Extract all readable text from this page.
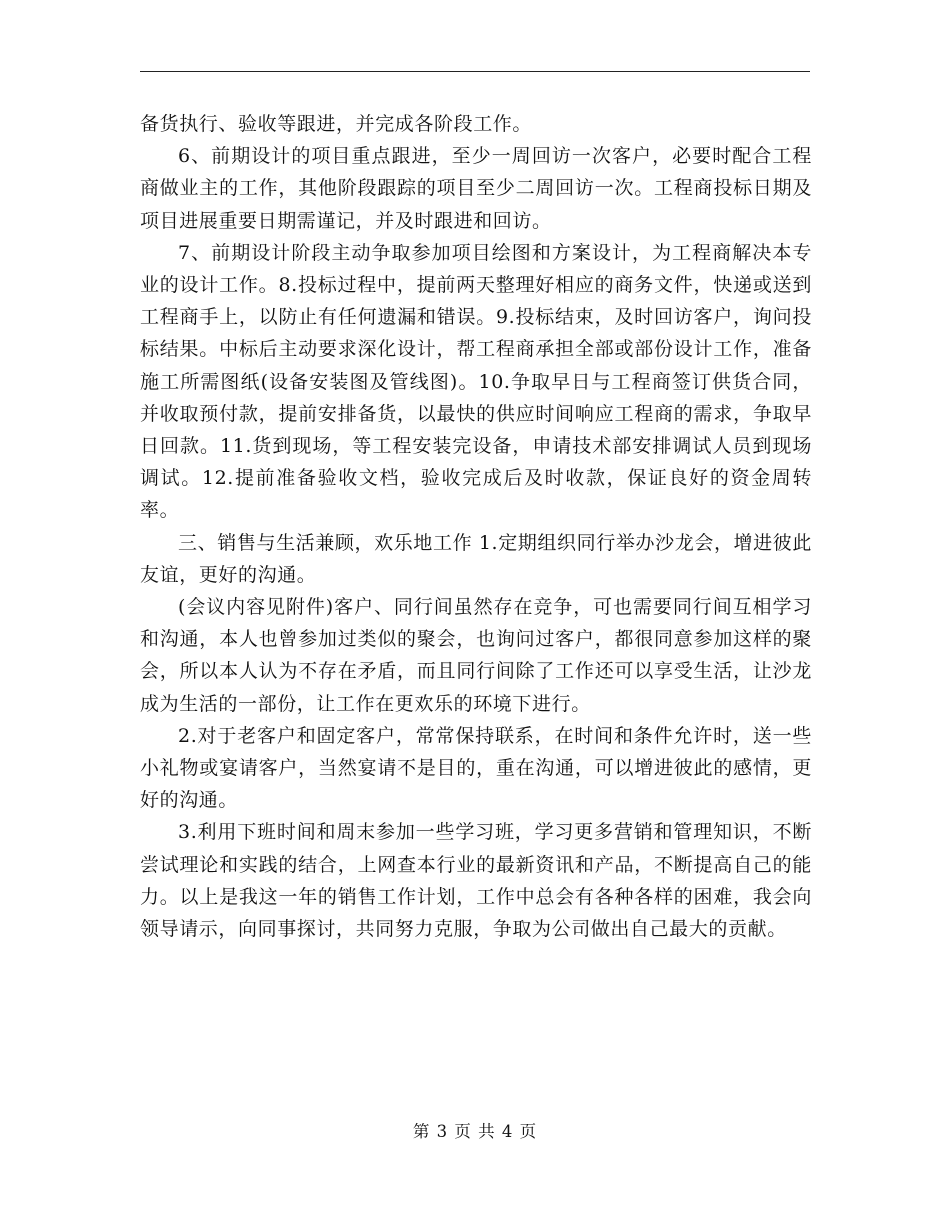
备货执行、验收等跟进，并完成各阶段工作。

6、前期设计的项目重点跟进，至少一周回访一次客户，必要时配合工程商做业主的工作，其他阶段跟踪的项目至少二周回访一次。工程商投标日期及项目进展重要日期需谨记，并及时跟进和回访。

7、前期设计阶段主动争取参加项目绘图和方案设计，为工程商解决本专业的设计工作。8.投标过程中，提前两天整理好相应的商务文件，快递或送到工程商手上，以防止有任何遗漏和错误。9.投标结束，及时回访客户，询问投标结果。中标后主动要求深化设计，帮工程商承担全部或部份设计工作，准备施工所需图纸(设备安装图及管线图)。10.争取早日与工程商签订供货合同，并收取预付款，提前安排备货，以最快的供应时间响应工程商的需求，争取早日回款。11.货到现场，等工程安装完设备，申请技术部安排调试人员到现场调试。12.提前准备验收文档，验收完成后及时收款，保证良好的资金周转率。

三、销售与生活兼顾，欢乐地工作 1.定期组织同行举办沙龙会，增进彼此友谊，更好的沟通。

(会议内容见附件)客户、同行间虽然存在竞争，可也需要同行间互相学习和沟通，本人也曾参加过类似的聚会，也询问过客户，都很同意参加这样的聚会，所以本人认为不存在矛盾，而且同行间除了工作还可以享受生活，让沙龙成为生活的一部份，让工作在更欢乐的环境下进行。

2.对于老客户和固定客户，常常保持联系，在时间和条件允许时，送一些小礼物或宴请客户，当然宴请不是目的，重在沟通，可以增进彼此的感情，更好的沟通。

3.利用下班时间和周末参加一些学习班，学习更多营销和管理知识，不断尝试理论和实践的结合，上网查本行业的最新资讯和产品，不断提高自己的能力。以上是我这一年的销售工作计划，工作中总会有各种各样的困难，我会向领导请示，向同事探讨，共同努力克服，争取为公司做出自己最大的贡献。

第 3 页 共 4 页
